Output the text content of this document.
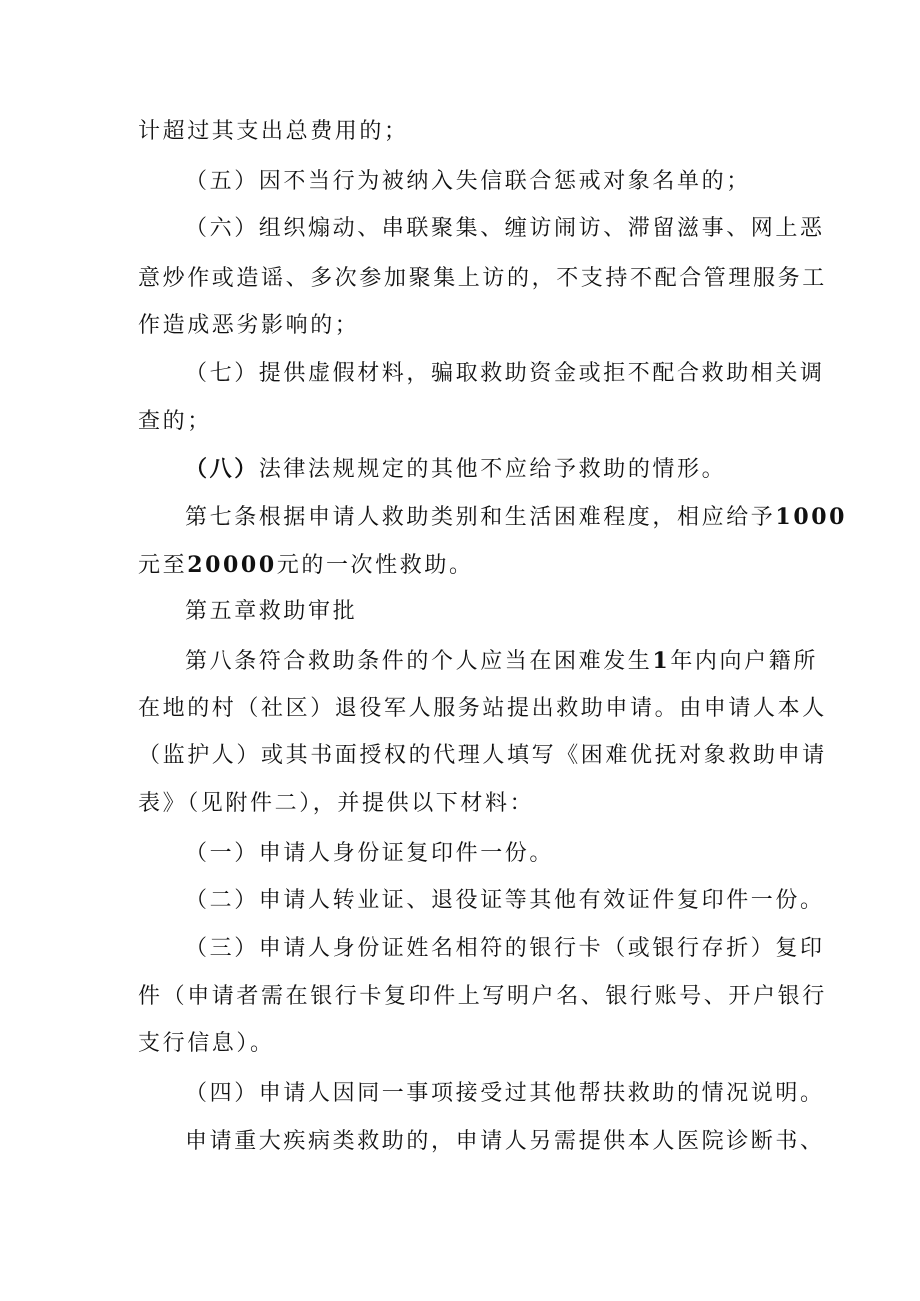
计超过其支出总费用的；
（五）因不当行为被纳入失信联合惩戒对象名单的；
（六）组织煽动、串联聚集、缠访闹访、滞留滋事、网上恶
意炒作或造谣、多次参加聚集上访的，不支持不配合管理服务工
作造成恶劣影响的；
（七）提供虚假材料，骗取救助资金或拒不配合救助相关调
查的；
（八）法律法规规定的其他不应给予救助的情形。
第七条根据申请人救助类别和生活困难程度，相应给予1000
元至20000元的一次性救助。
第五章救助审批
第八条符合救助条件的个人应当在困难发生1年内向户籍所
在地的村（社区）退役军人服务站提出救助申请。由申请人本人
（监护人）或其书面授权的代理人填写《困难优抚对象救助申请
表》（见附件二），并提供以下材料：
（一）申请人身份证复印件一份。
（二）申请人转业证、退役证等其他有效证件复印件一份。
（三）申请人身份证姓名相符的银行卡（或银行存折）复印
件（申请者需在银行卡复印件上写明户名、银行账号、开户银行
支行信息）。
（四）申请人因同一事项接受过其他帮扶救助的情况说明。
申请重大疾病类救助的，申请人另需提供本人医院诊断书、
